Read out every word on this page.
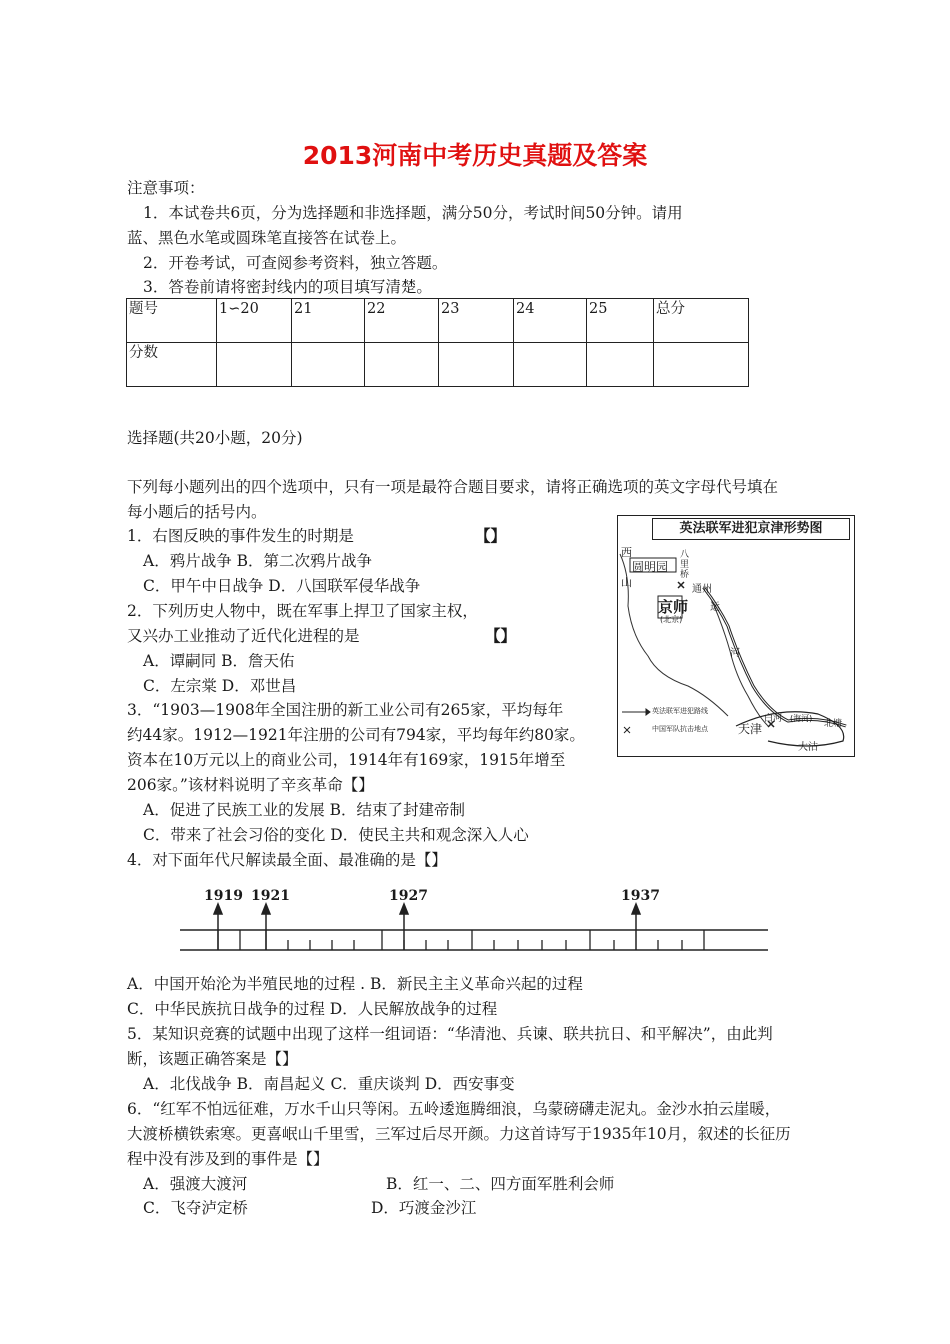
2013河南中考历史真题及答案
注意事项：
1．本试卷共6页，分为选择题和非选择题，满分50分，考试时间50分钟。请用
蓝、黑色水笔或圆珠笔直接答在试卷上。
2．开卷考试，可查阅参考资料，独立答题。
3．答卷前请将密封线内的项目填写清楚。
题号	1∽20	21	22	23	24	25	总分
分数							
选择题(共20小题，20分)
下列每小题列出的四个选项中，只有一项是最符合题目要求，请将正确选项的英文字母代号填在
每小题后的括号内。
1．右图反映的事件发生的时期是	【】
A．鸦片战争 B．第二次鸦片战争
C．甲午中日战争 D．八国联军侵华战争
2．下列历史人物中，既在军事上捍卫了国家主权，
又兴办工业推动了近代化进程的是	【】
A．谭嗣同 B．詹天佑
C．左宗棠 D．邓世昌
3．“1903—1908年全国注册的新工业公司有265家，平均每年
约44家。1912—1921年注册的公司有794家，平均每年约80家。
资本在10万元以上的商业公司，1914年有169家，1915年增至
206家。”该材料说明了辛亥革命【】
A．促进了民族工业的发展 B．结束了封建帝制
C．带来了社会习俗的变化 D．使民主共和观念深入人心
4．对下面年代尺解读最全面、最准确的是【】
1919 1921	1927	1937
A．中国开始沦为半殖民地的过程 . B．新民主主义革命兴起的过程
C．中华民族抗日战争的过程 D．人民解放战争的过程
5．某知识竞赛的试题中出现了这样一组词语：“华清池、兵谏、联共抗日、和平解决”，由此判
断，该题正确答案是【】
A．北伐战争 B．南昌起义 C．重庆谈判 D．西安事变
6．“红军不怕远征难，万水千山只等闲。五岭逶迤腾细浪，乌蒙磅礴走泥丸。金沙水拍云崖暖，
大渡桥横铁索寒。更喜岷山千里雪，三军过后尽开颜。力这首诗写于1935年10月，叙述的长征历
程中没有涉及到的事件是【】
A．强渡大渡河	B．红一、二、四方面军胜利会师
C．飞夺泸定桥	D．巧渡金沙江
英法联军进犯京津形势图
圆明园
西
山
京师
(北京)
八里桥
通州
运
河
天津
白河 (海河)
北塘
大沽
英法联军进犯路线
中国军队抗击地点
